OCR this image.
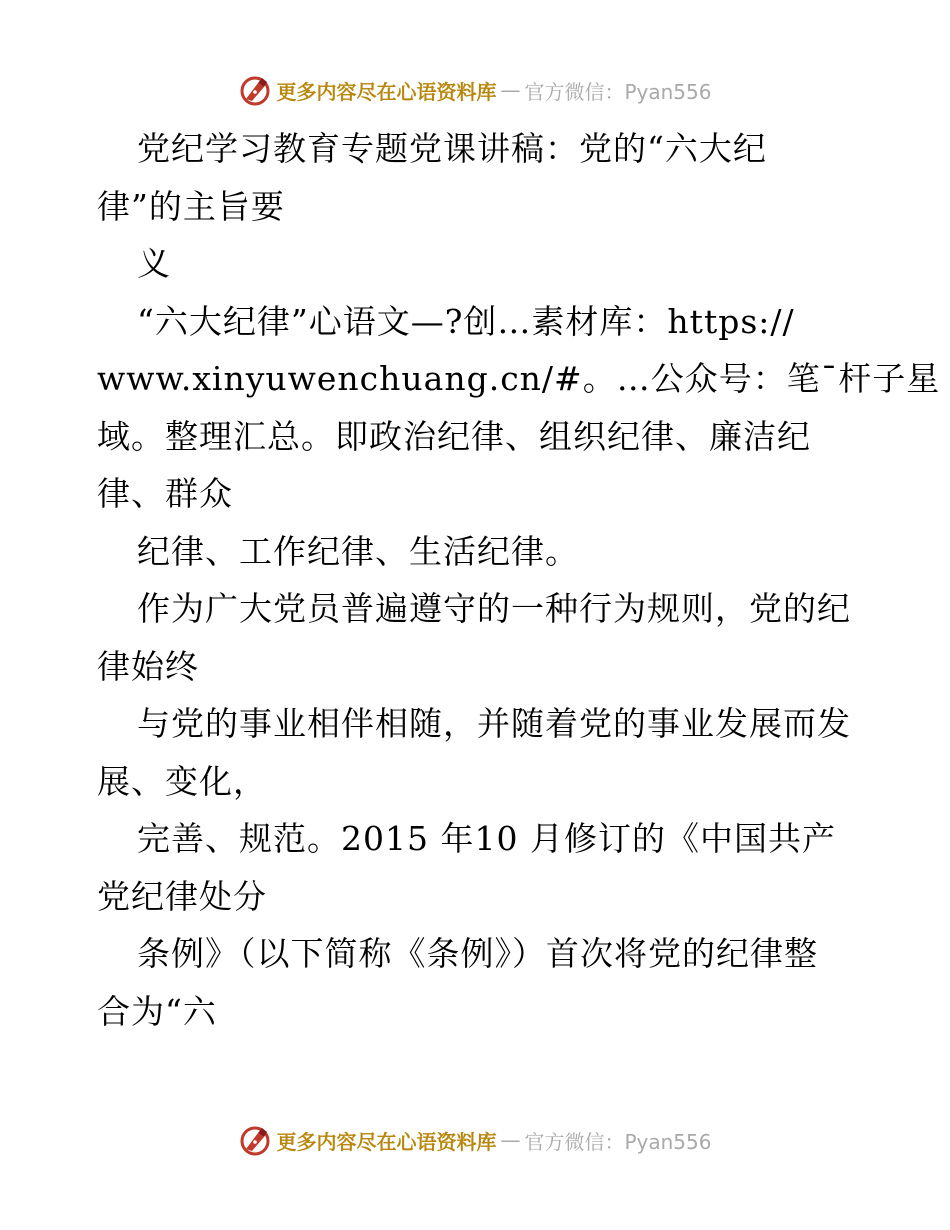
更多内容尽在心语资料库 — 官方微信：Pyan556
党纪学习教育专题党课讲稿：党的“六大纪
律”的主旨要
义
“六大纪律”心语文—?创…素材库：https://
www.xinyuwenchuang.cn/#。…公众号：笔¯杆子星
域。整理汇总。即政治纪律、组织纪律、廉洁纪
律、群众
纪律、工作纪律、生活纪律。
作为广大党员普遍遵守的一种行为规则，党的纪
律始终
与党的事业相伴相随，并随着党的事业发展而发
展、变化，
完善、规范。2015 年10 月修订的《中国共产
党纪律处分
条例》（以下简称《条例》）首次将党的纪律整
合为“六
更多内容尽在心语资料库 — 官方微信：Pyan556
